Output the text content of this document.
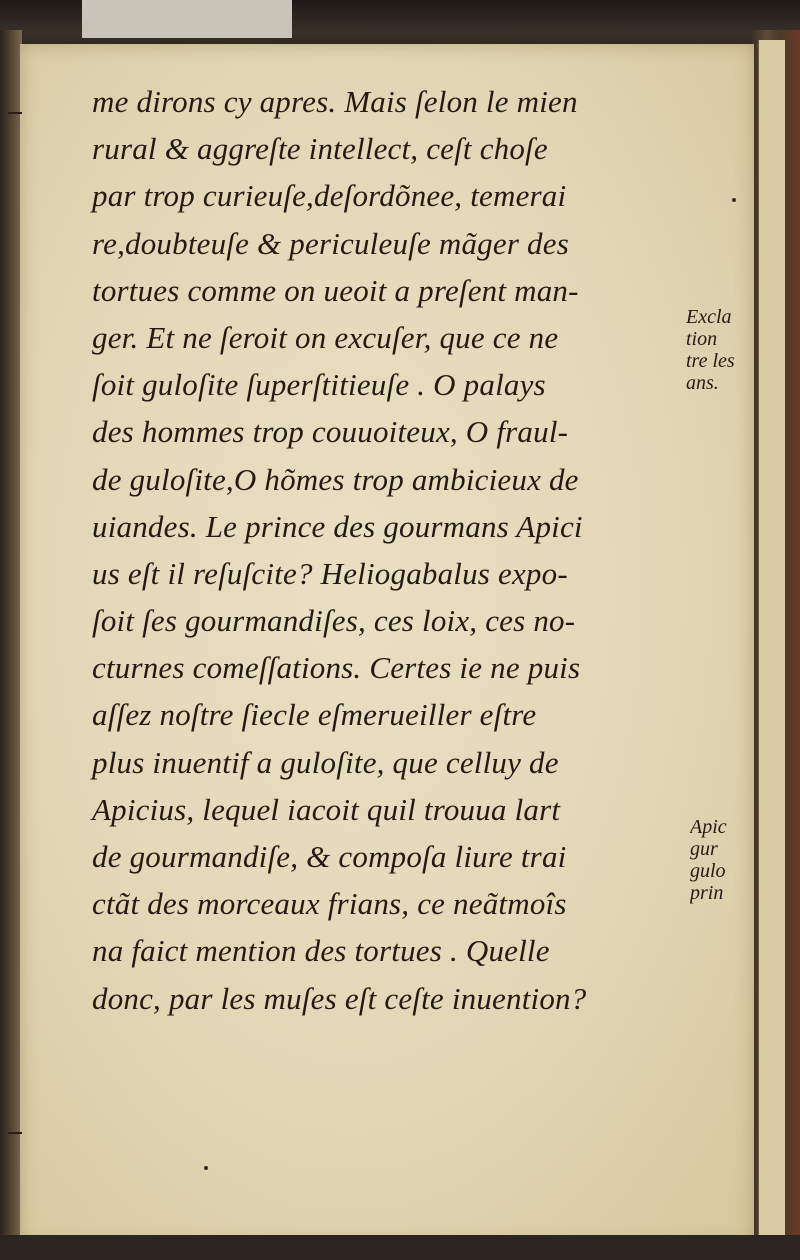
me dirons cy apres. Mais ſelon le mien
rural & aggreſte intellect, ceſt choſe
par trop curieuſe,deſordõnee, temerai
re,doubteuſe & periculeuſe mãger des
tortues comme on ueoit a preſent man-
ger. Et ne ſeroit on excuſer, que ce ne
ſoit guloſite ſuperſtitieuſe . O palays
des hommes trop couuoiteux, O fraul-
de guloſite,O hõmes trop ambicieux de
uiandes. Le prince des gourmans Apici
us eſt il reſuſcite? Heliogabalus expo-
ſoit ſes gourmandiſes, ces loix, ces no-
cturnes comeſſations. Certes ie ne puis
aſſez noſtre ſiecle eſmerueiller eſtre
plus inuentif a guloſite, que celluy de
Apicius, lequel iacoit quil trouua lart
de gourmandiſe, & compoſa liure trai
ctãt des morceaux frians, ce neãtmoîs
na faict mention des tortues . Quelle
donc, par les muſes eſt ceſte inuention?
Excla
tion
tre les
ans.
Apic
gur
gulo
prin
